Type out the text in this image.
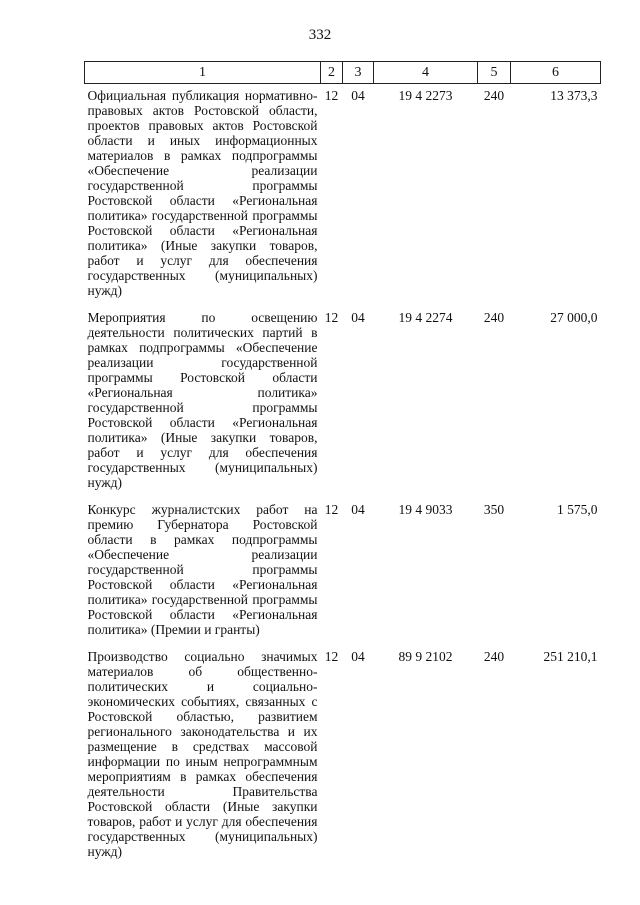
332
1	2	3	4	5	6
Официальная публикация нормативно-правовых актов Ростовской области, проектов правовых актов Ростовской области и иных информационных материалов в рамках подпрограммы «Обеспечение реализации государственной программы Ростовской области «Региональная политика» государственной программы Ростовской области «Региональная политика» (Иные закупки товаров, работ и услуг для обеспечения государственных (муниципальных) нужд)	12	04	19 4 2273	240	13 373,3
Мероприятия по освещению деятельности политических партий в рамках подпрограммы «Обеспечение реализации государственной программы Ростовской области «Региональная политика» государственной программы Ростовской области «Региональная политика» (Иные закупки товаров, работ и услуг для обеспечения государственных (муниципальных) нужд)	12	04	19 4 2274	240	27 000,0
Конкурс журналистских работ на премию Губернатора Ростовской области в рамках подпрограммы «Обеспечение реализации государственной программы Ростовской области «Региональная политика» государственной программы Ростовской области «Региональная политика» (Премии и гранты)	12	04	19 4 9033	350	1 575,0
Производство социально значимых материалов об общественно-политических и социально-экономических событиях, связанных с Ростовской областью, развитием регионального законодательства и их размещение в средствах массовой информации по иным непрограммным мероприятиям в рамках обеспечения деятельности Правительства Ростовской области (Иные закупки товаров, работ и услуг для обеспечения государственных (муниципальных) нужд)	12	04	89 9 2102	240	251 210,1
